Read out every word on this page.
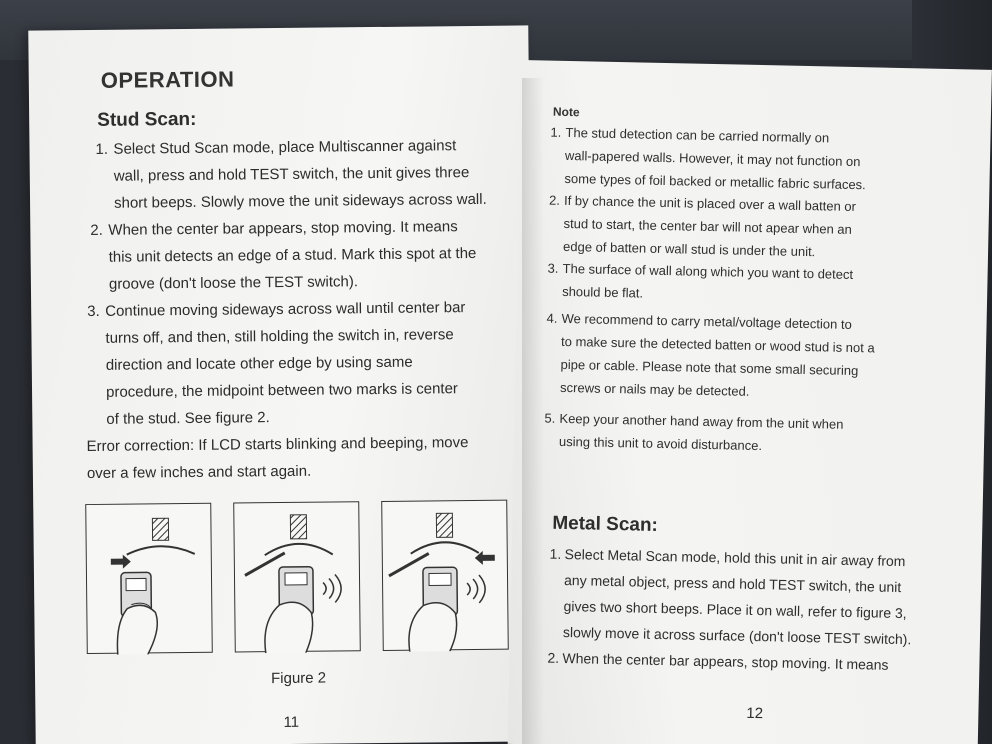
OPERATION
Stud Scan:
1. Select Stud Scan mode, place Multiscanner against
wall, press and hold TEST switch, the unit gives three
short beeps. Slowly move the unit sideways across wall.
2. When the center bar appears, stop moving. It means
this unit detects an edge of a stud. Mark this spot at the
groove (don't loose the TEST switch).
3. Continue moving sideways across wall until center bar
turns off, and then, still holding the switch in, reverse
direction and locate other edge by using same
procedure, the midpoint between two marks is center
of the stud. See figure 2.
Error correction: If LCD starts blinking and beeping, move
over a few inches and start again.
Figure 2
11
Note
1. The stud detection can be carried normally on
wall-papered walls. However, it may not function on
some types of foil backed or metallic fabric surfaces.
2. If by chance the unit is placed over a wall batten or
stud to start, the center bar will not apear when an
edge of batten or wall stud is under the unit.
3. The surface of wall along which you want to detect
should be flat.
4. We recommend to carry metal/voltage detection to
to make sure the detected batten or wood stud is not a
pipe or cable. Please note that some small securing
screws or nails may be detected.
5. Keep your another hand away from the unit when
using this unit to avoid disturbance.
Metal Scan:
1. Select Metal Scan mode, hold this unit in air away from
any metal object, press and hold TEST switch, the unit
gives two short beeps. Place it on wall, refer to figure 3,
slowly move it across surface (don't loose TEST switch).
2. When the center bar appears, stop moving. It means
12
